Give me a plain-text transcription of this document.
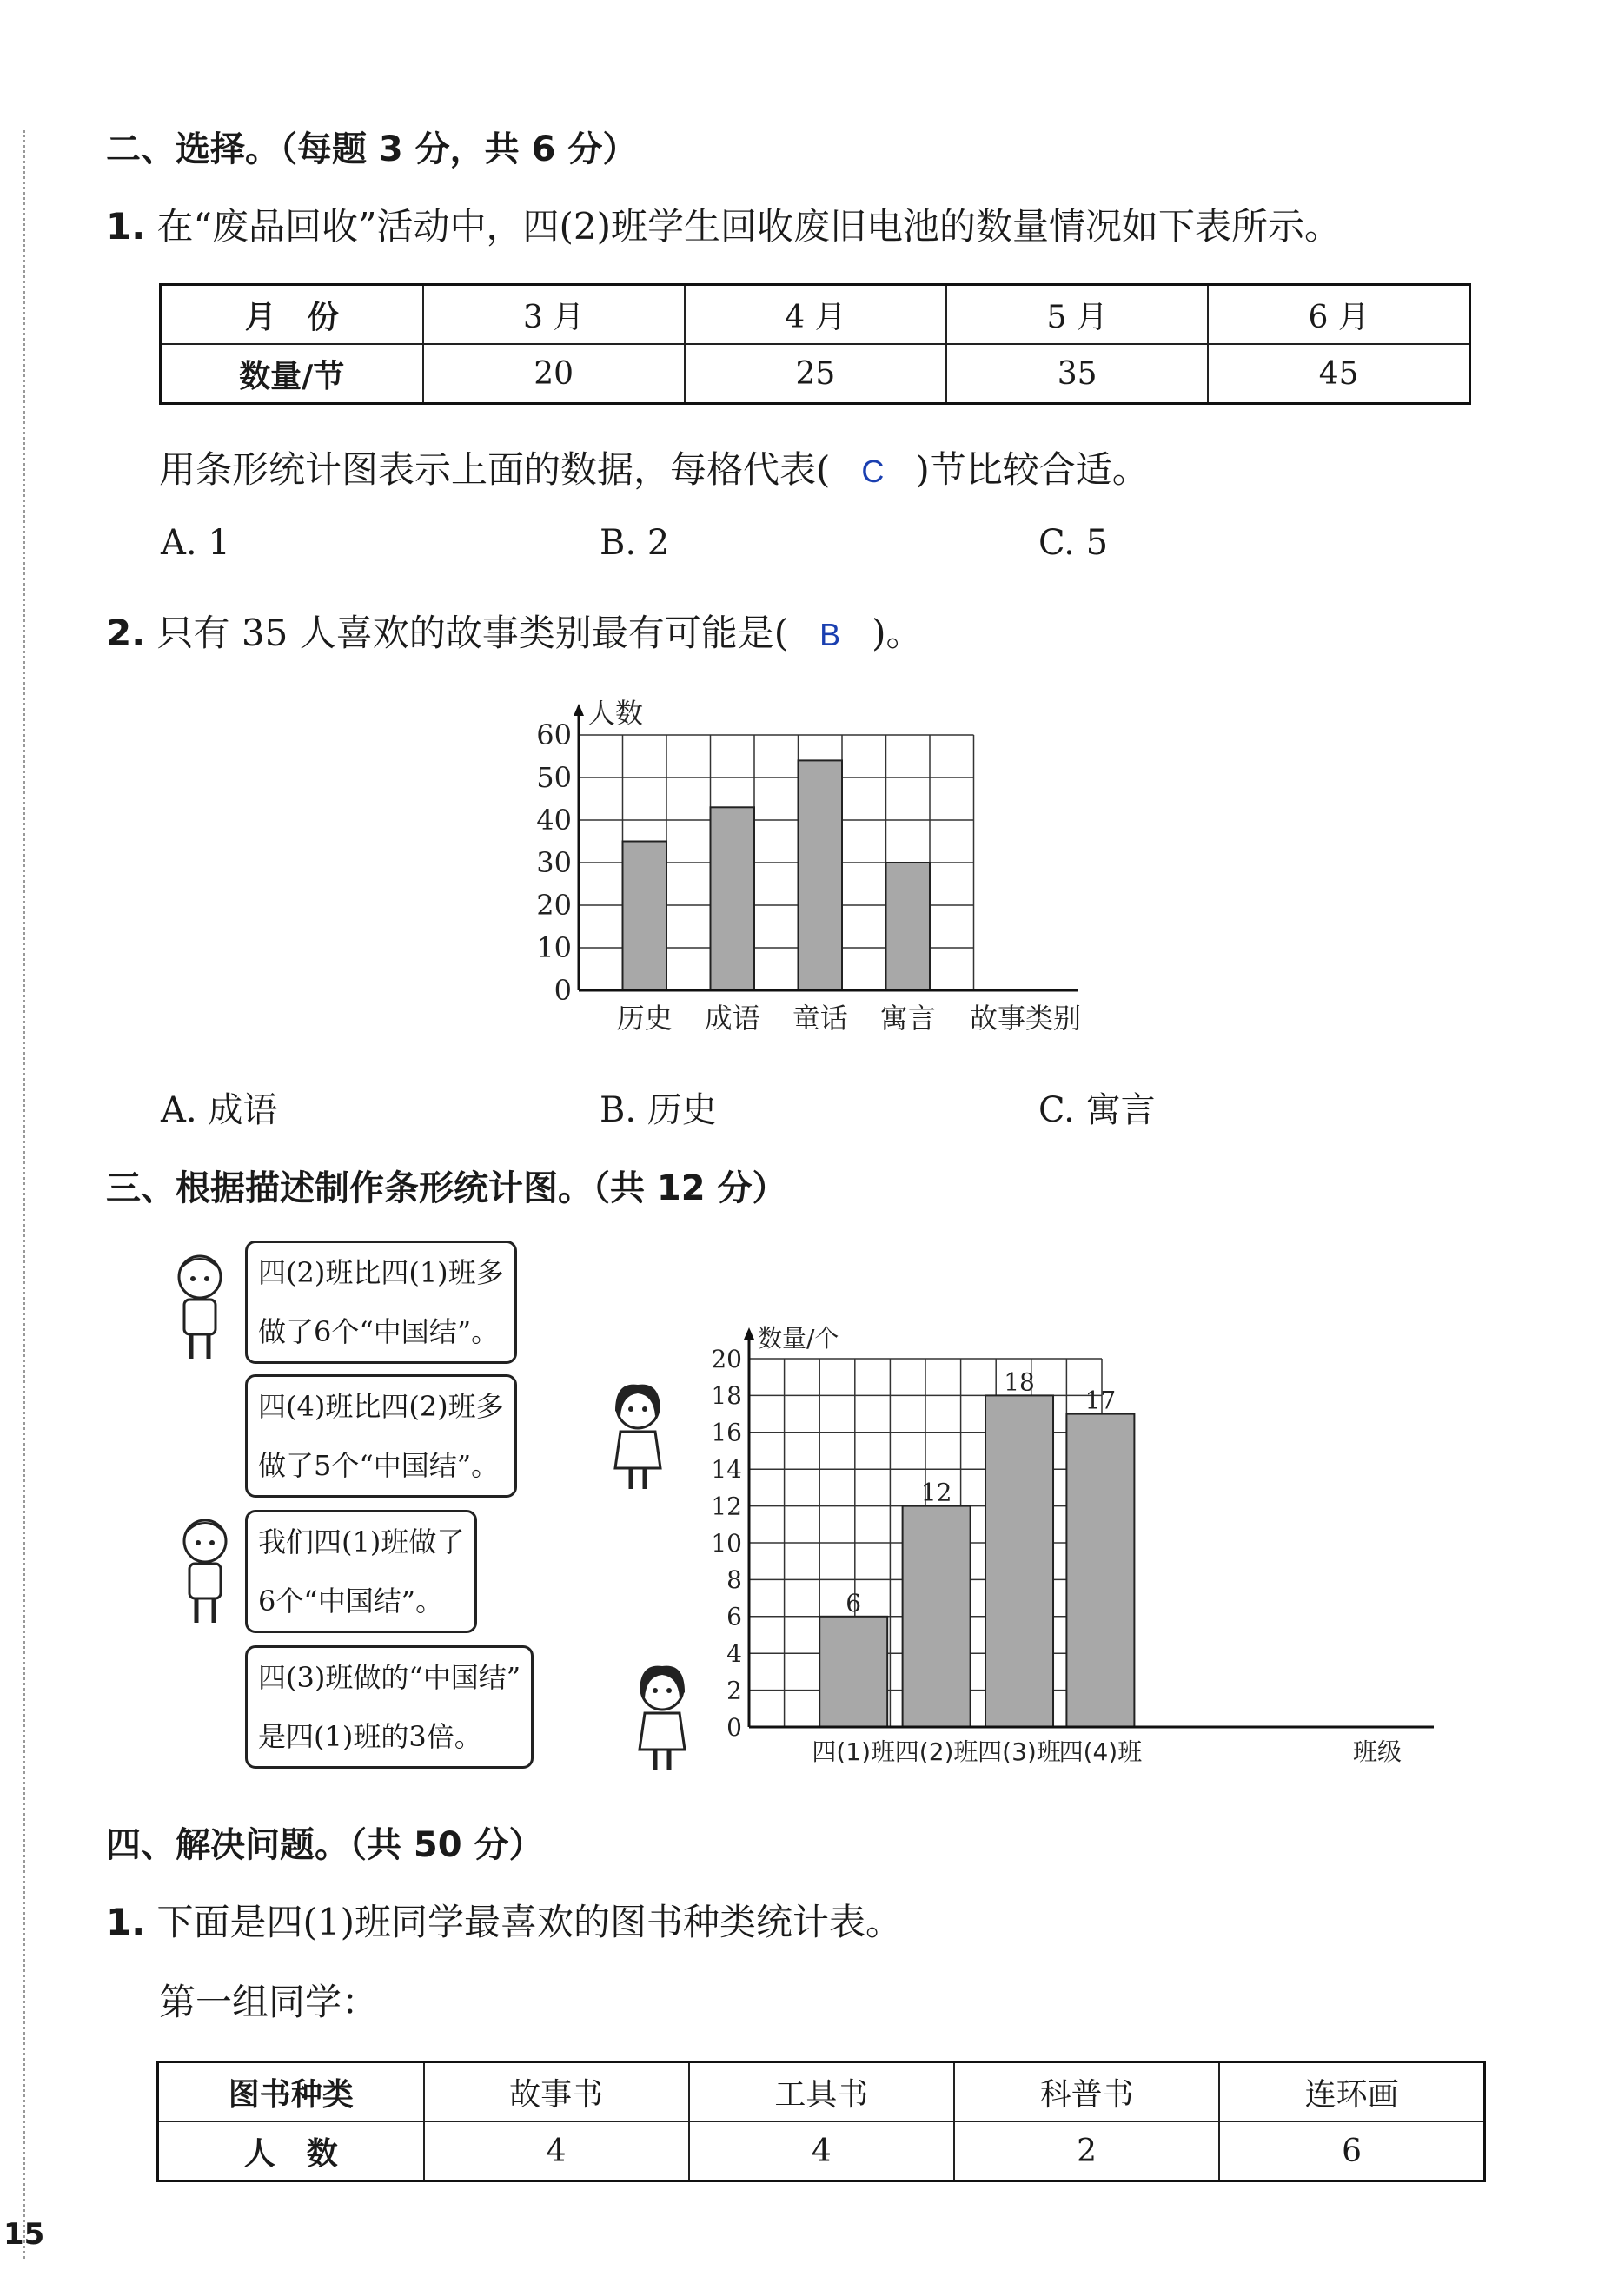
二、选择。（每题 3 分，共 6 分）
1. 在“废品回收”活动中，四(2)班学生回收废旧电池的数量情况如下表所示。
月　份	3 月	4 月	5 月	6 月
数量/节	20	25	35	45
用条形统计图表示上面的数据，每格代表( C )节比较合适。
A. 1	B. 2	C. 5
2. 只有 35 人喜欢的故事类别最有可能是( B )。
0
10
20
30
40
50
60
历史 成语 童话 寓言
人数
故事类别
A. 成语	B. 历史	C. 寓言
三、根据描述制作条形统计图。（共 12 分）
四(2)班比四(1)班多
做了6个“中国结”。
四(4)班比四(2)班多
做了5个“中国结”。
我们四(1)班做了
6个“中国结”。
四(3)班做的“中国结”
是四(1)班的3倍。	0
2
4
6
8
10
12
14
16
18
20
四(1)班
6
四(2)班
12
四(3)班
18
四(4)班
17
数量/个
班级
四、解决问题。（共 50 分）
1. 下面是四(1)班同学最喜欢的图书种类统计表。
第一组同学：
图书种类	故事书	工具书	科普书	连环画
人　数	4	4	2	6
15
